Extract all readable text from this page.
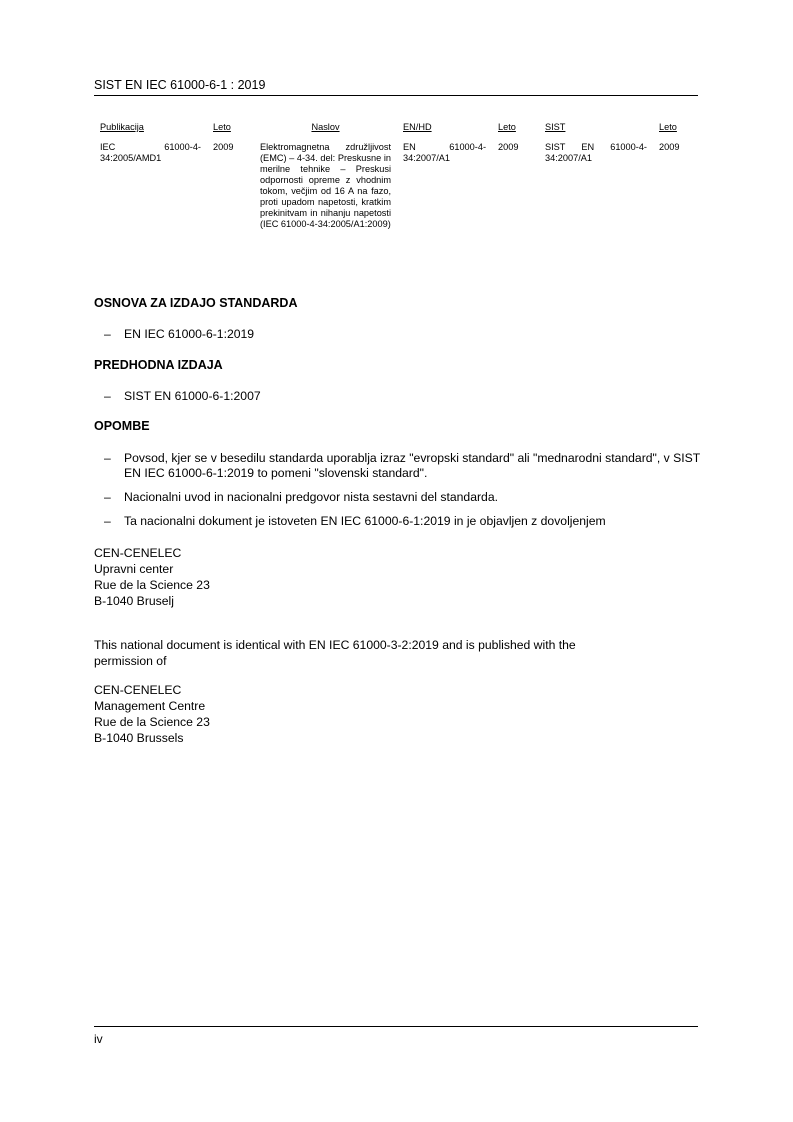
SIST EN IEC 61000-6-1 : 2019
Publikacija	Leto	Naslov	EN/HD	Leto	SIST	Leto
IEC 61000-4-34:2005/AMD1	2009	Elektromagnetna združljivost (EMC) – 4-34. del: Preskusne in merilne tehnike – Preskusi odpornosti opreme z vhodnim tokom, večjim od 16 A na fazo, proti upadom napetosti, kratkim prekinitvam in nihanju napetosti (IEC 61000-4-34:2005/A1:2009)	EN 61000-4-34:2007/A1	2009	SIST EN 61000-4-34:2007/A1	2009

OSNOVA ZA IZDAJO STANDARDA

– EN IEC 61000-6-1:2019

PREDHODNA IZDAJA

– SIST EN 61000-6-1:2007

OPOMBE

– Povsod, kjer se v besedilu standarda uporablja izraz "evropski standard" ali "mednarodni standard", v SIST EN IEC 61000-6-1:2019 to pomeni "slovenski standard".
– Nacionalni uvod in nacionalni predgovor nista sestavni del standarda.
– Ta nacionalni dokument je istoveten EN IEC 61000-6-1:2019 in je objavljen z dovoljenjem
CEN-CENELEC
Upravni center
Rue de la Science 23
B-1040 Bruselj
This national document is identical with EN IEC 61000-3-2:2019 and is published with the permission of
CEN-CENELEC
Management Centre
Rue de la Science 23
B-1040 Brussels
iv
